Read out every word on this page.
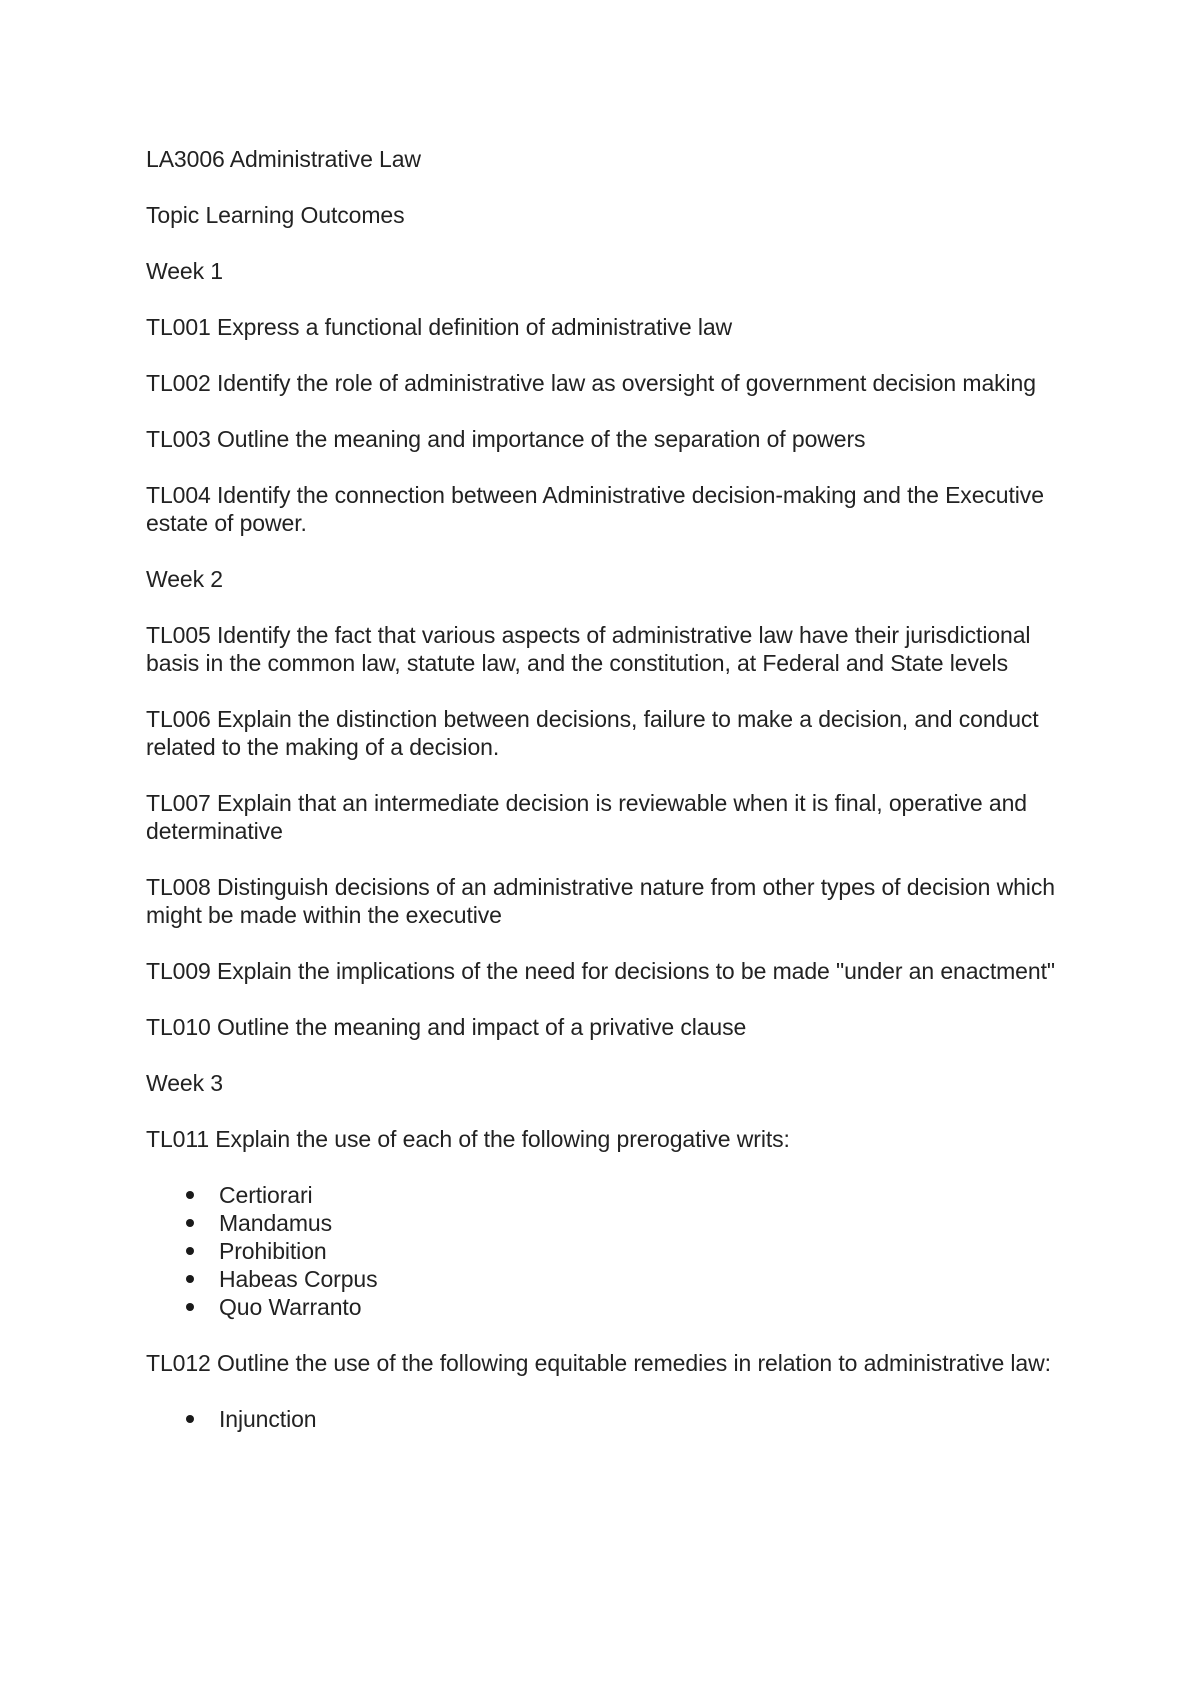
LA3006 Administrative Law

Topic Learning Outcomes

Week 1

TL001 Express a functional definition of administrative law

TL002 Identify the role of administrative law as oversight of government decision making

TL003 Outline the meaning and importance of the separation of powers

TL004 Identify the connection between Administrative decision-making and the Executive estate of power.

Week 2

TL005 Identify the fact that various aspects of administrative law have their jurisdictional basis in the common law, statute law, and the constitution, at Federal and State levels

TL006 Explain the distinction between decisions, failure to make a decision, and conduct related to the making of a decision.

TL007 Explain that an intermediate decision is reviewable when it is final, operative and determinative

TL008 Distinguish decisions of an administrative nature from other types of decision which might be made within the executive

TL009 Explain the implications of the need for decisions to be made "under an enactment"

TL010 Outline the meaning and impact of a privative clause

Week 3

TL011 Explain the use of each of the following prerogative writs:

Certiorari
Mandamus
Prohibition
Habeas Corpus
Quo Warranto

TL012 Outline the use of the following equitable remedies in relation to administrative law:

Injunction
